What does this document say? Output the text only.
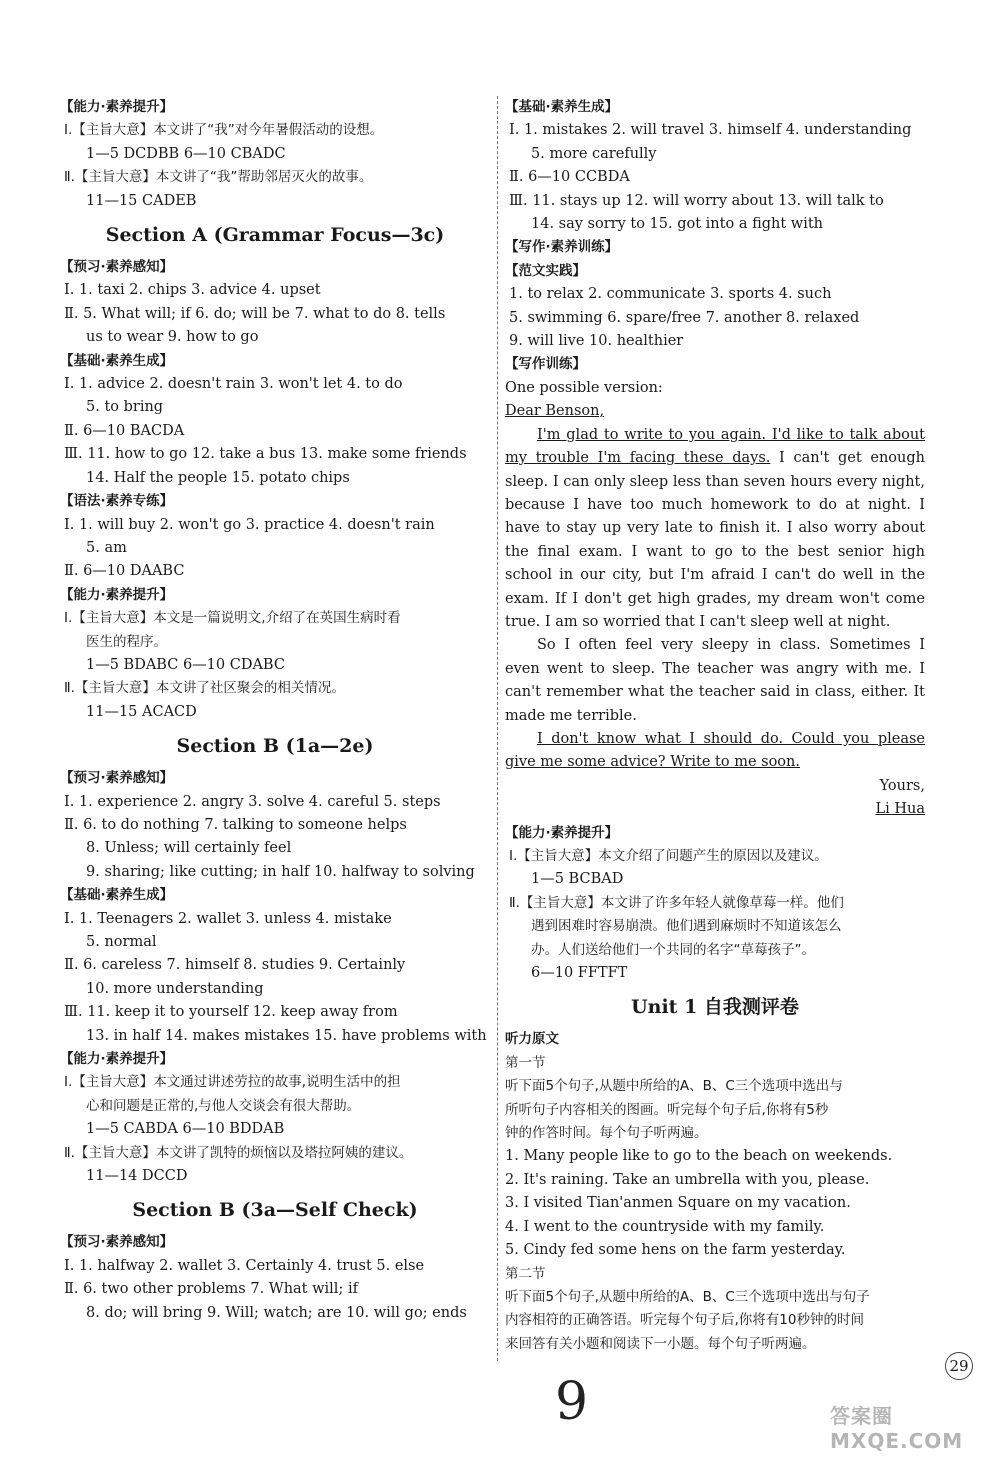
【能力·素养提升】
Ⅰ.【主旨大意】本文讲了“我”对今年暑假活动的设想。
1—5 DCDBB 6—10 CBADC
Ⅱ.【主旨大意】本文讲了“我”帮助邻居灭火的故事。
11—15 CADEB
Section A (Grammar Focus—3c)
【预习·素养感知】
Ⅰ. 1. taxi 2. chips 3. advice 4. upset
Ⅱ. 5. What will; if 6. do; will be 7. what to do 8. tells
us to wear 9. how to go
【基础·素养生成】
Ⅰ. 1. advice 2. doesn't rain 3. won't let 4. to do
5. to bring
Ⅱ. 6—10 BACDA
Ⅲ. 11. how to go 12. take a bus 13. make some friends
14. Half the people 15. potato chips
【语法·素养专练】
Ⅰ. 1. will buy 2. won't go 3. practice 4. doesn't rain
5. am
Ⅱ. 6—10 DAABC
【能力·素养提升】
Ⅰ.【主旨大意】本文是一篇说明文,介绍了在英国生病时看
医生的程序。
1—5 BDABC 6—10 CDABC
Ⅱ.【主旨大意】本文讲了社区聚会的相关情况。
11—15 ACACD
Section B (1a—2e)
【预习·素养感知】
Ⅰ. 1. experience 2. angry 3. solve 4. careful 5. steps
Ⅱ. 6. to do nothing 7. talking to someone helps
8. Unless; will certainly feel
9. sharing; like cutting; in half 10. halfway to solving
【基础·素养生成】
Ⅰ. 1. Teenagers 2. wallet 3. unless 4. mistake
5. normal
Ⅱ. 6. careless 7. himself 8. studies 9. Certainly
10. more understanding
Ⅲ. 11. keep it to yourself 12. keep away from
13. in half 14. makes mistakes 15. have problems with
【能力·素养提升】
Ⅰ.【主旨大意】本文通过讲述劳拉的故事,说明生活中的担
心和问题是正常的,与他人交谈会有很大帮助。
1—5 CABDA 6—10 BDDAB
Ⅱ.【主旨大意】本文讲了凯特的烦恼以及塔拉阿姨的建议。
11—14 DCCD
Section B (3a—Self Check)
【预习·素养感知】
Ⅰ. 1. halfway 2. wallet 3. Certainly 4. trust 5. else
Ⅱ. 6. two other problems 7. What will; if
8. do; will bring 9. Will; watch; are 10. will go; ends
【基础·素养生成】
Ⅰ. 1. mistakes 2. will travel 3. himself 4. understanding
5. more carefully
Ⅱ. 6—10 CCBDA
Ⅲ. 11. stays up 12. will worry about 13. will talk to
14. say sorry to 15. got into a fight with
【写作·素养训练】
【范文实践】
1. to relax 2. communicate 3. sports 4. such
5. swimming 6. spare/free 7. another 8. relaxed
9. will live 10. healthier
【写作训练】
One possible version:
Dear Benson,
I'm glad to write to you again. I'd like to talk about my trouble I'm facing these days. I can't get enough sleep. I can only sleep less than seven hours every night, because I have too much homework to do at night. I have to stay up very late to finish it. I also worry about the final exam. I want to go to the best senior high school in our city, but I'm afraid I can't do well in the exam. If I don't get high grades, my dream won't come true. I am so worried that I can't sleep well at night.
So I often feel very sleepy in class. Sometimes I even went to sleep. The teacher was angry with me. I can't remember what the teacher said in class, either. It made me terrible.
I don't know what I should do. Could you please give me some advice? Write to me soon.
Yours,
Li Hua
【能力·素养提升】
Ⅰ.【主旨大意】本文介绍了问题产生的原因以及建议。
1—5 BCBAD
Ⅱ.【主旨大意】本文讲了许多年轻人就像草莓一样。他们
遇到困难时容易崩溃。他们遇到麻烦时不知道该怎么
办。人们送给他们一个共同的名字“草莓孩子”。
6—10 FFTFT
Unit 1 自我测评卷
听力原文
第一节
听下面5个句子,从题中所给的A、B、C三个选项中选出与
所听句子内容相关的图画。听完每个句子后,你将有5秒
钟的作答时间。每个句子听两遍。
1. Many people like to go to the beach on weekends.
2. It's raining. Take an umbrella with you, please.
3. I visited Tian'anmen Square on my vacation.
4. I went to the countryside with my family.
5. Cindy fed some hens on the farm yesterday.
第二节
听下面5个句子,从题中所给的A、B、C三个选项中选出与句子
内容相符的正确答语。听完每个句子后,你将有10秒钟的时间
来回答有关小题和阅读下一小题。每个句子听两遍。
29
9	答案圈 MXQE.COM
